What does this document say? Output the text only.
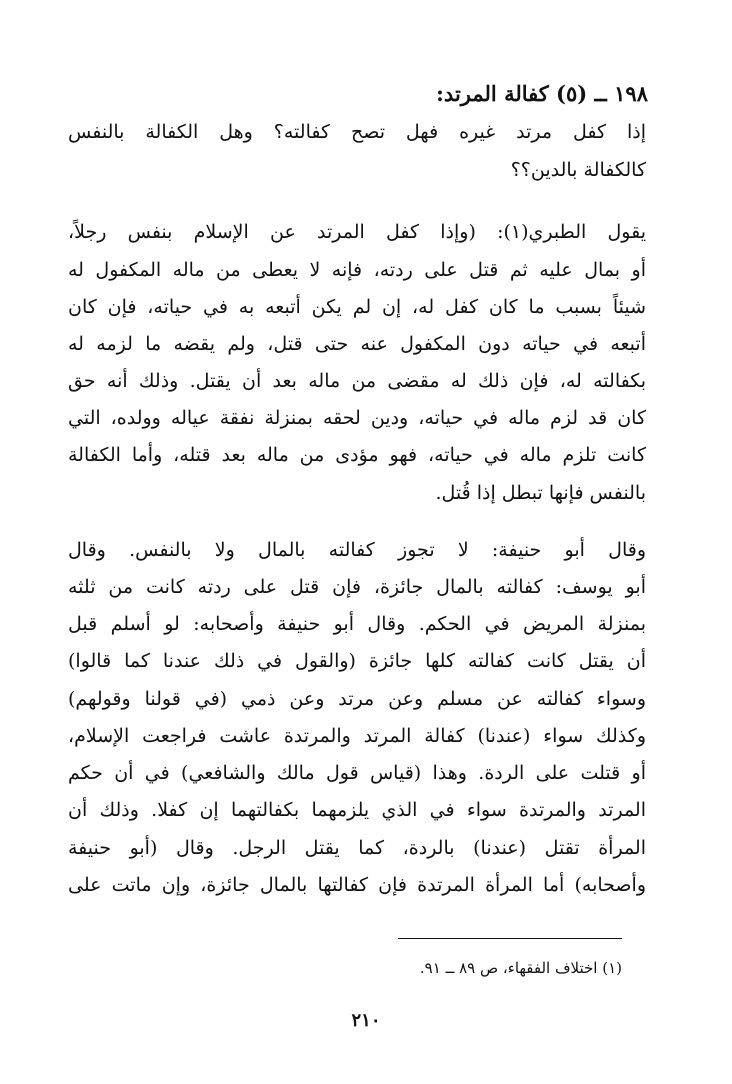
١٩٨ ــ (٥) كفالة المرتد:
إذا كفل مرتد غيره فهل تصح كفالته؟ وهل الكفالة بالنفس
كالكفالة بالدين؟؟
يقول الطبري(١): (وإذا كفل المرتد عن الإسلام بنفس رجلاً،
أو بمال عليه ثم قتل على ردته، فإنه لا يعطى من ماله المكفول له
شيئاً بسبب ما كان كفل له، إن لم يكن أتبعه به في حياته، فإن كان
أتبعه في حياته دون المكفول عنه حتى قتل، ولم يقضه ما لزمه له
بكفالته له، فإن ذلك له مقضى من ماله بعد أن يقتل. وذلك أنه حق
كان قد لزم ماله في حياته، ودين لحقه بمنزلة نفقة عياله وولده، التي
كانت تلزم ماله في حياته، فهو مؤدى من ماله بعد قتله، وأما الكفالة
بالنفس فإنها تبطل إذا قُتل.
وقال أبو حنيفة: لا تجوز كفالته بالمال ولا بالنفس. وقال
أبو يوسف: كفالته بالمال جائزة، فإن قتل على ردته كانت من ثلثه
بمنزلة المريض في الحكم. وقال أبو حنيفة وأصحابه: لو أسلم قبل
أن يقتل كانت كفالته كلها جائزة (والقول في ذلك عندنا كما قالوا)
وسواء كفالته عن مسلم وعن مرتد وعن ذمي (في قولنا وقولهم)
وكذلك سواء (عندنا) كفالة المرتد والمرتدة عاشت فراجعت الإسلام،
أو قتلت على الردة. وهذا (قياس قول مالك والشافعي) في أن حكم
المرتد والمرتدة سواء في الذي يلزمهما بكفالتهما إن كفلا. وذلك أن
المرأة تقتل (عندنا) بالردة، كما يقتل الرجل. وقال (أبو حنيفة
وأصحابه) أما المرأة المرتدة فإن كفالتها بالمال جائزة، وإن ماتت على
(١) اختلاف الفقهاء، ص ٨٩ ــ ٩١.
٢١٠
